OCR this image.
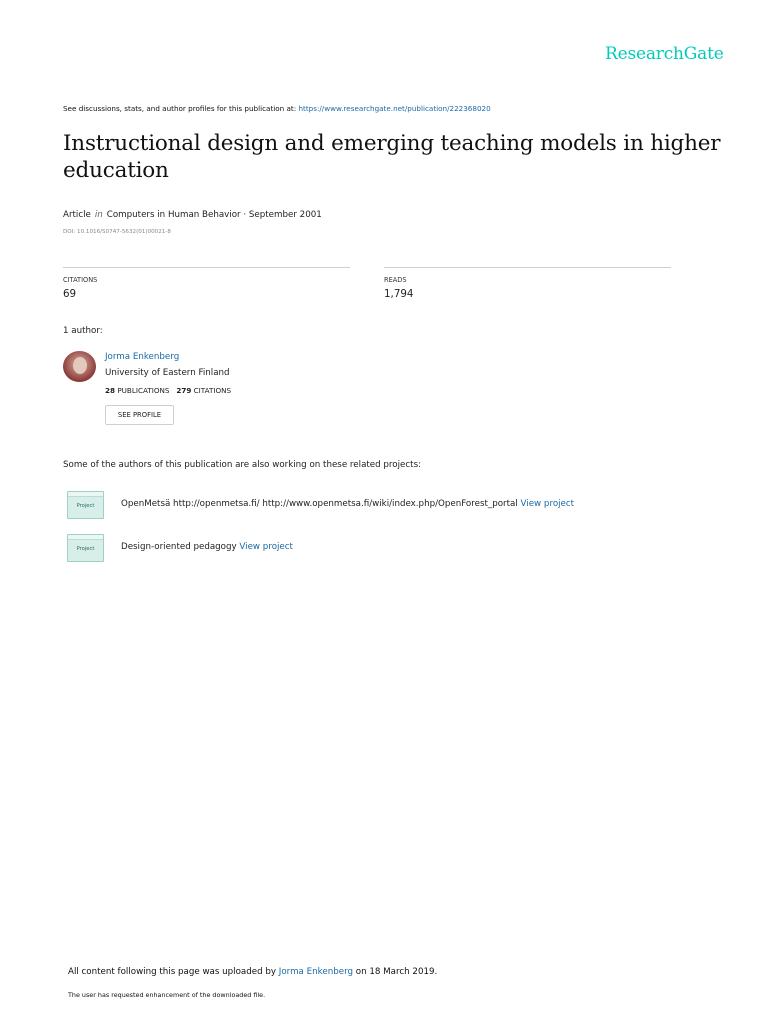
ResearchGate
See discussions, stats, and author profiles for this publication at: https://www.researchgate.net/publication/222368020
Instructional design and emerging teaching models in higher education
Article in Computers in Human Behavior · September 2001
DOI: 10.1016/S0747-5632(01)00021-8
CITATIONS
69
READS
1,794
1 author:
Jorma Enkenberg
University of Eastern Finland
28 PUBLICATIONS 279 CITATIONS
SEE PROFILE
Some of the authors of this publication are also working on these related projects:
Project	OpenMetsä http://openmetsa.fi/ http://www.openmetsa.fi/wiki/index.php/OpenForest_portal View project
Project	Design-oriented pedagogy View project
All content following this page was uploaded by Jorma Enkenberg on 18 March 2019.
The user has requested enhancement of the downloaded file.
